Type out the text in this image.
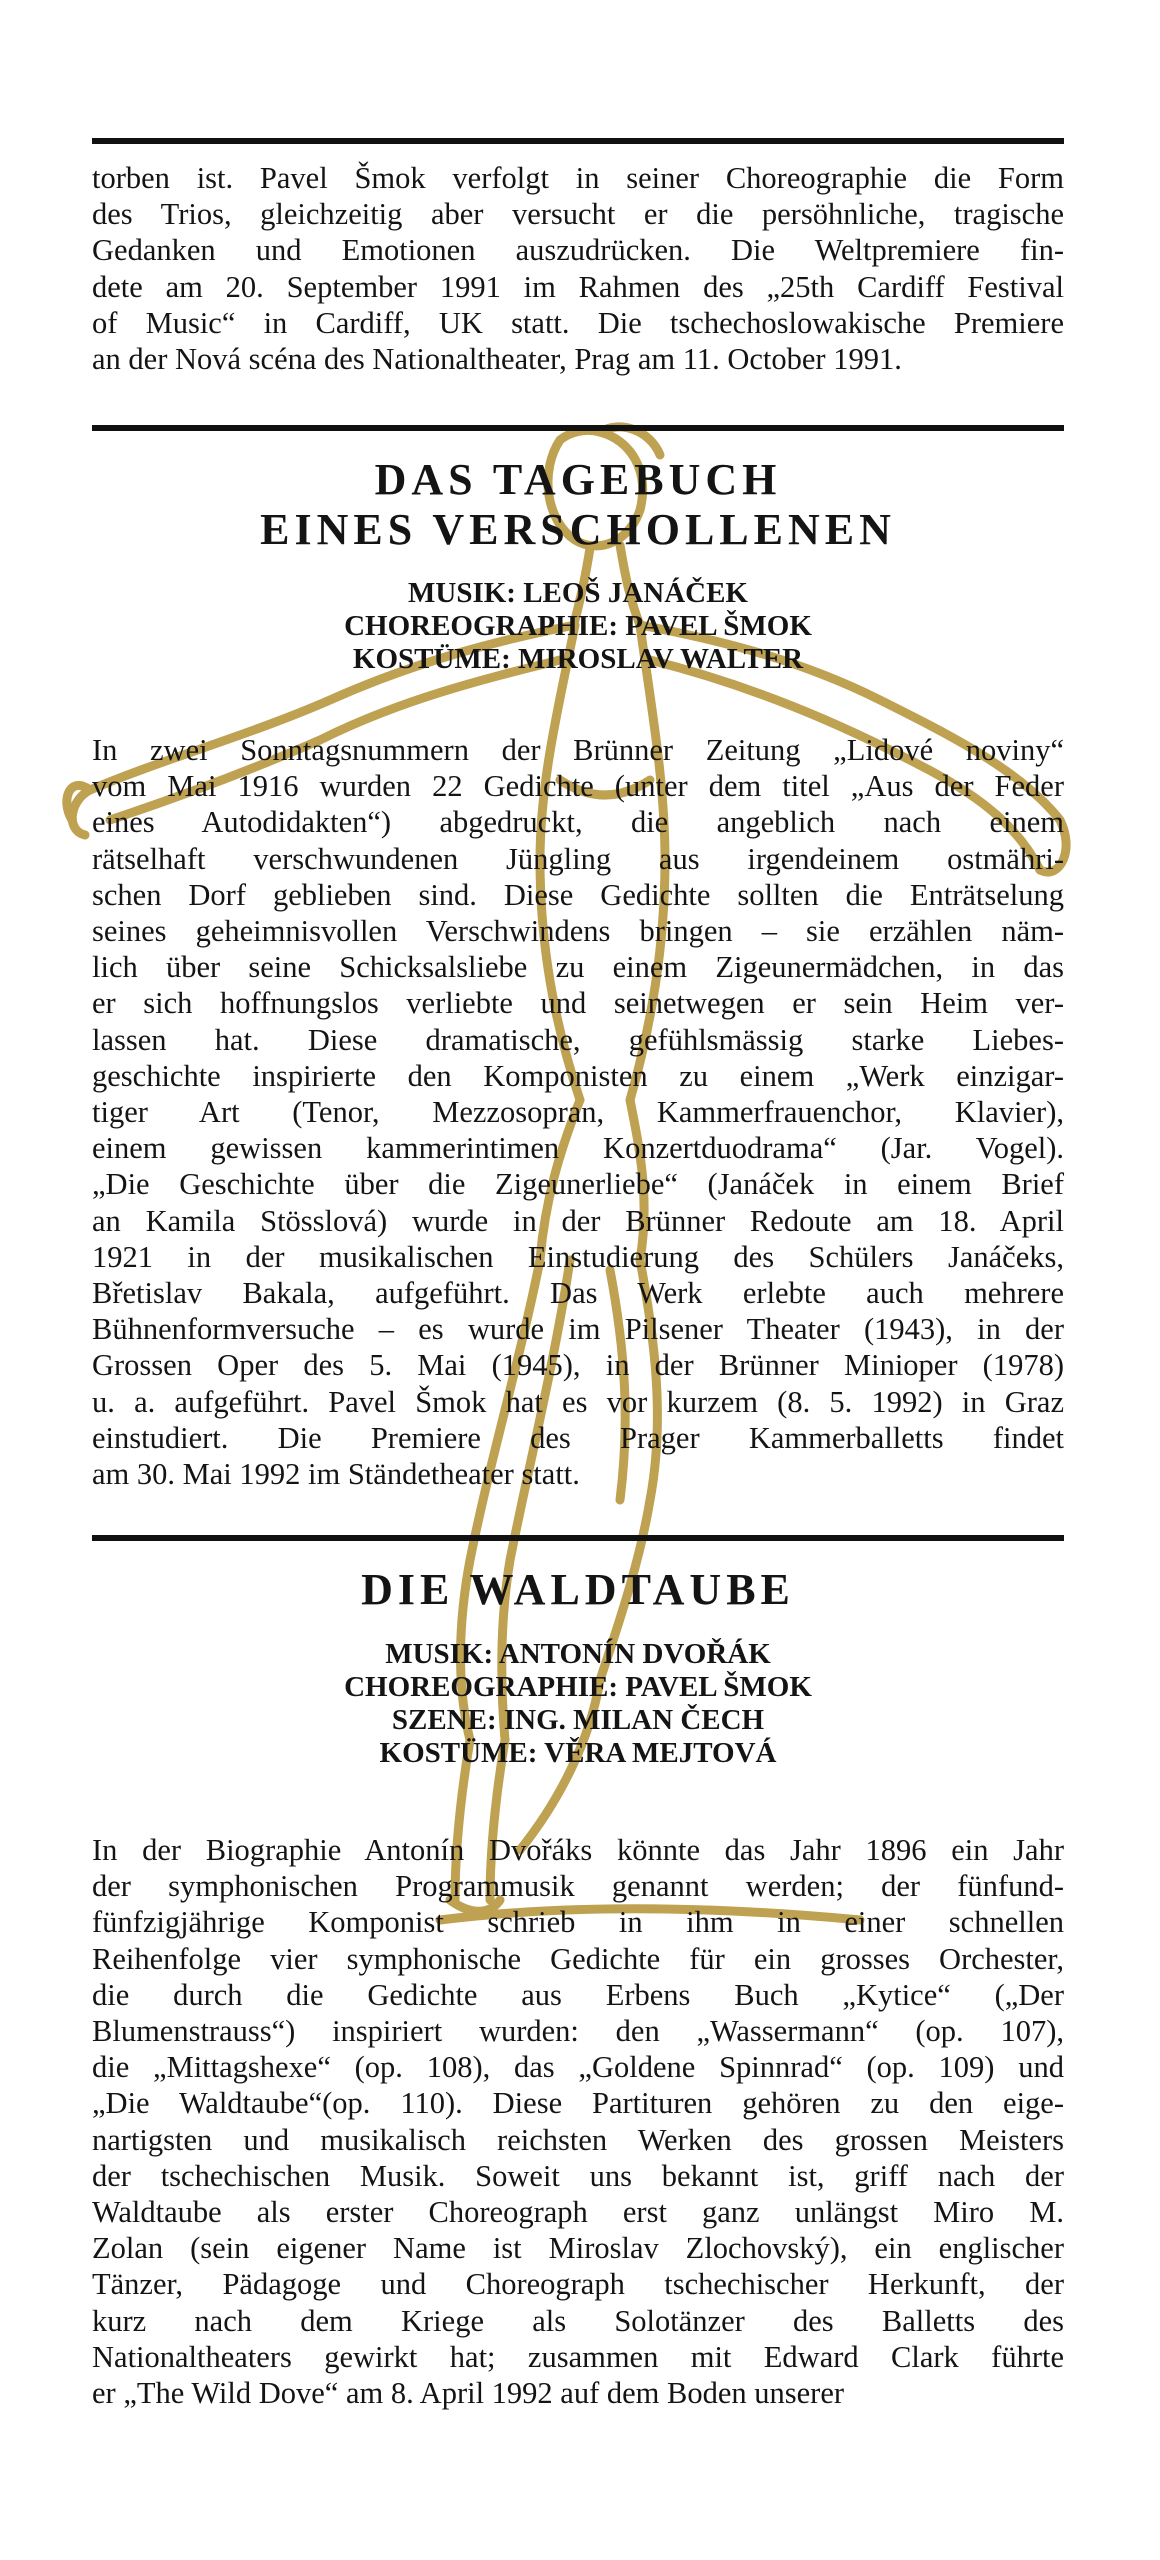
torben ist. Pavel Šmok verfolgt in seiner Choreographie die Form
des Trios, gleichzeitig aber versucht er die persöhnliche, tragische
Gedanken und Emotionen auszudrücken. Die Weltpremiere fin-
dete am 20. September 1991 im Rahmen des „25th Cardiff Festival
of Music“ in Cardiff, UK statt. Die tschechoslowakische Premiere
an der Nová scéna des Nationaltheater, Prag am 11. October 1991.
DAS TAGEBUCH
EINES VERSCHOLLENEN
MUSIK: LEOŠ JANÁČEK
CHOREOGRAPHIE: PAVEL ŠMOK
KOSTÜME: MIROSLAV WALTER
In zwei Sonntagsnummern der Brünner Zeitung „Lidové noviny“
vom Mai 1916 wurden 22 Gedichte (unter dem titel „Aus der Feder
eines Autodidakten“) abgedruckt, die angeblich nach einem
rätselhaft verschwundenen Jüngling aus irgendeinem ostmähri-
schen Dorf geblieben sind. Diese Gedichte sollten die Enträtselung
seines geheimnisvollen Verschwindens bringen – sie erzählen näm-
lich über seine Schicksalsliebe zu einem Zigeunermädchen, in das
er sich hoffnungslos verliebte und seinetwegen er sein Heim ver-
lassen hat. Diese dramatische, gefühlsmässig starke Liebes-
geschichte inspirierte den Komponisten zu einem „Werk einzigar-
tiger Art (Tenor, Mezzosopran, Kammerfrauenchor, Klavier),
einem gewissen kammerintimen Konzertduodrama“ (Jar. Vogel).
„Die Geschichte über die Zigeunerliebe“ (Janáček in einem Brief
an Kamila Stösslová) wurde in der Brünner Redoute am 18. April
1921 in der musikalischen Einstudierung des Schülers Janáčeks,
Břetislav Bakala, aufgeführt. Das Werk erlebte auch mehrere
Bühnenformversuche – es wurde im Pilsener Theater (1943), in der
Grossen Oper des 5. Mai (1945), in der Brünner Minioper (1978)
u. a. aufgeführt. Pavel Šmok hat es vor kurzem (8. 5. 1992) in Graz
einstudiert. Die Premiere des Prager Kammerballetts findet
am 30. Mai 1992 im Ständetheater statt.
DIE WALDTAUBE
MUSIK: ANTONÍN DVOŘÁK
CHOREOGRAPHIE: PAVEL ŠMOK
SZENE: ING. MILAN ČECH
KOSTÜME: VĚRA MEJTOVÁ
In der Biographie Antonín Dvořáks könnte das Jahr 1896 ein Jahr
der symphonischen Programmusik genannt werden; der fünfund-
fünfzigjährige Komponist schrieb in ihm in einer schnellen
Reihenfolge vier symphonische Gedichte für ein grosses Orchester,
die durch die Gedichte aus Erbens Buch „Kytice“ („Der
Blumenstrauss“) inspiriert wurden: den „Wassermann“ (op. 107),
die „Mittagshexe“ (op. 108), das „Goldene Spinnrad“ (op. 109) und
„Die Waldtaube“(op. 110). Diese Partituren gehören zu den eige-
nartigsten und musikalisch reichsten Werken des grossen Meisters
der tschechischen Musik. Soweit uns bekannt ist, griff nach der
Waldtaube als erster Choreograph erst ganz unlängst Miro M.
Zolan (sein eigener Name ist Miroslav Zlochovský), ein englischer
Tänzer, Pädagoge und Choreograph tschechischer Herkunft, der
kurz nach dem Kriege als Solotänzer des Balletts des
Nationaltheaters gewirkt hat; zusammen mit Edward Clark führte
er „The Wild Dove“ am 8. April 1992 auf dem Boden unserer
